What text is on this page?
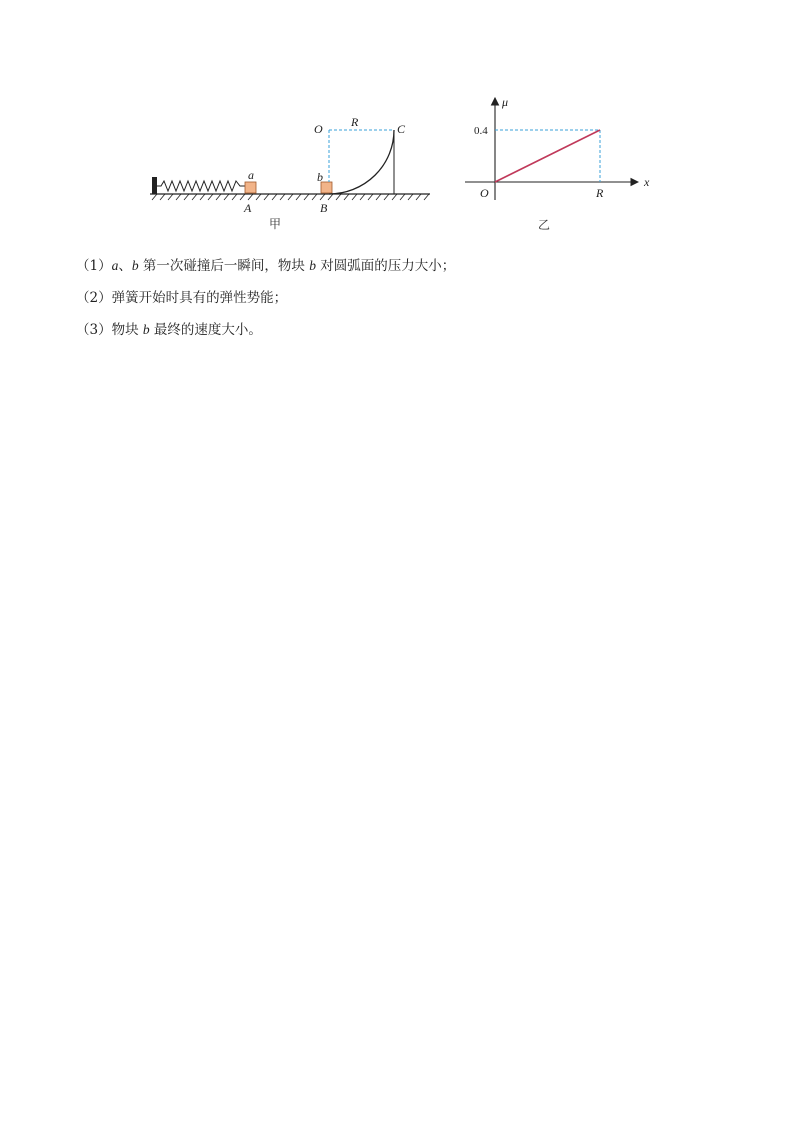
a
A
b
B
O R	C
甲
μ
x
O
0.4
R
乙
（1）a、b 第一次碰撞后一瞬间，物块 b 对圆弧面的压力大小；
（2）弹簧开始时具有的弹性势能；
（3）物块 b 最终的速度大小。
